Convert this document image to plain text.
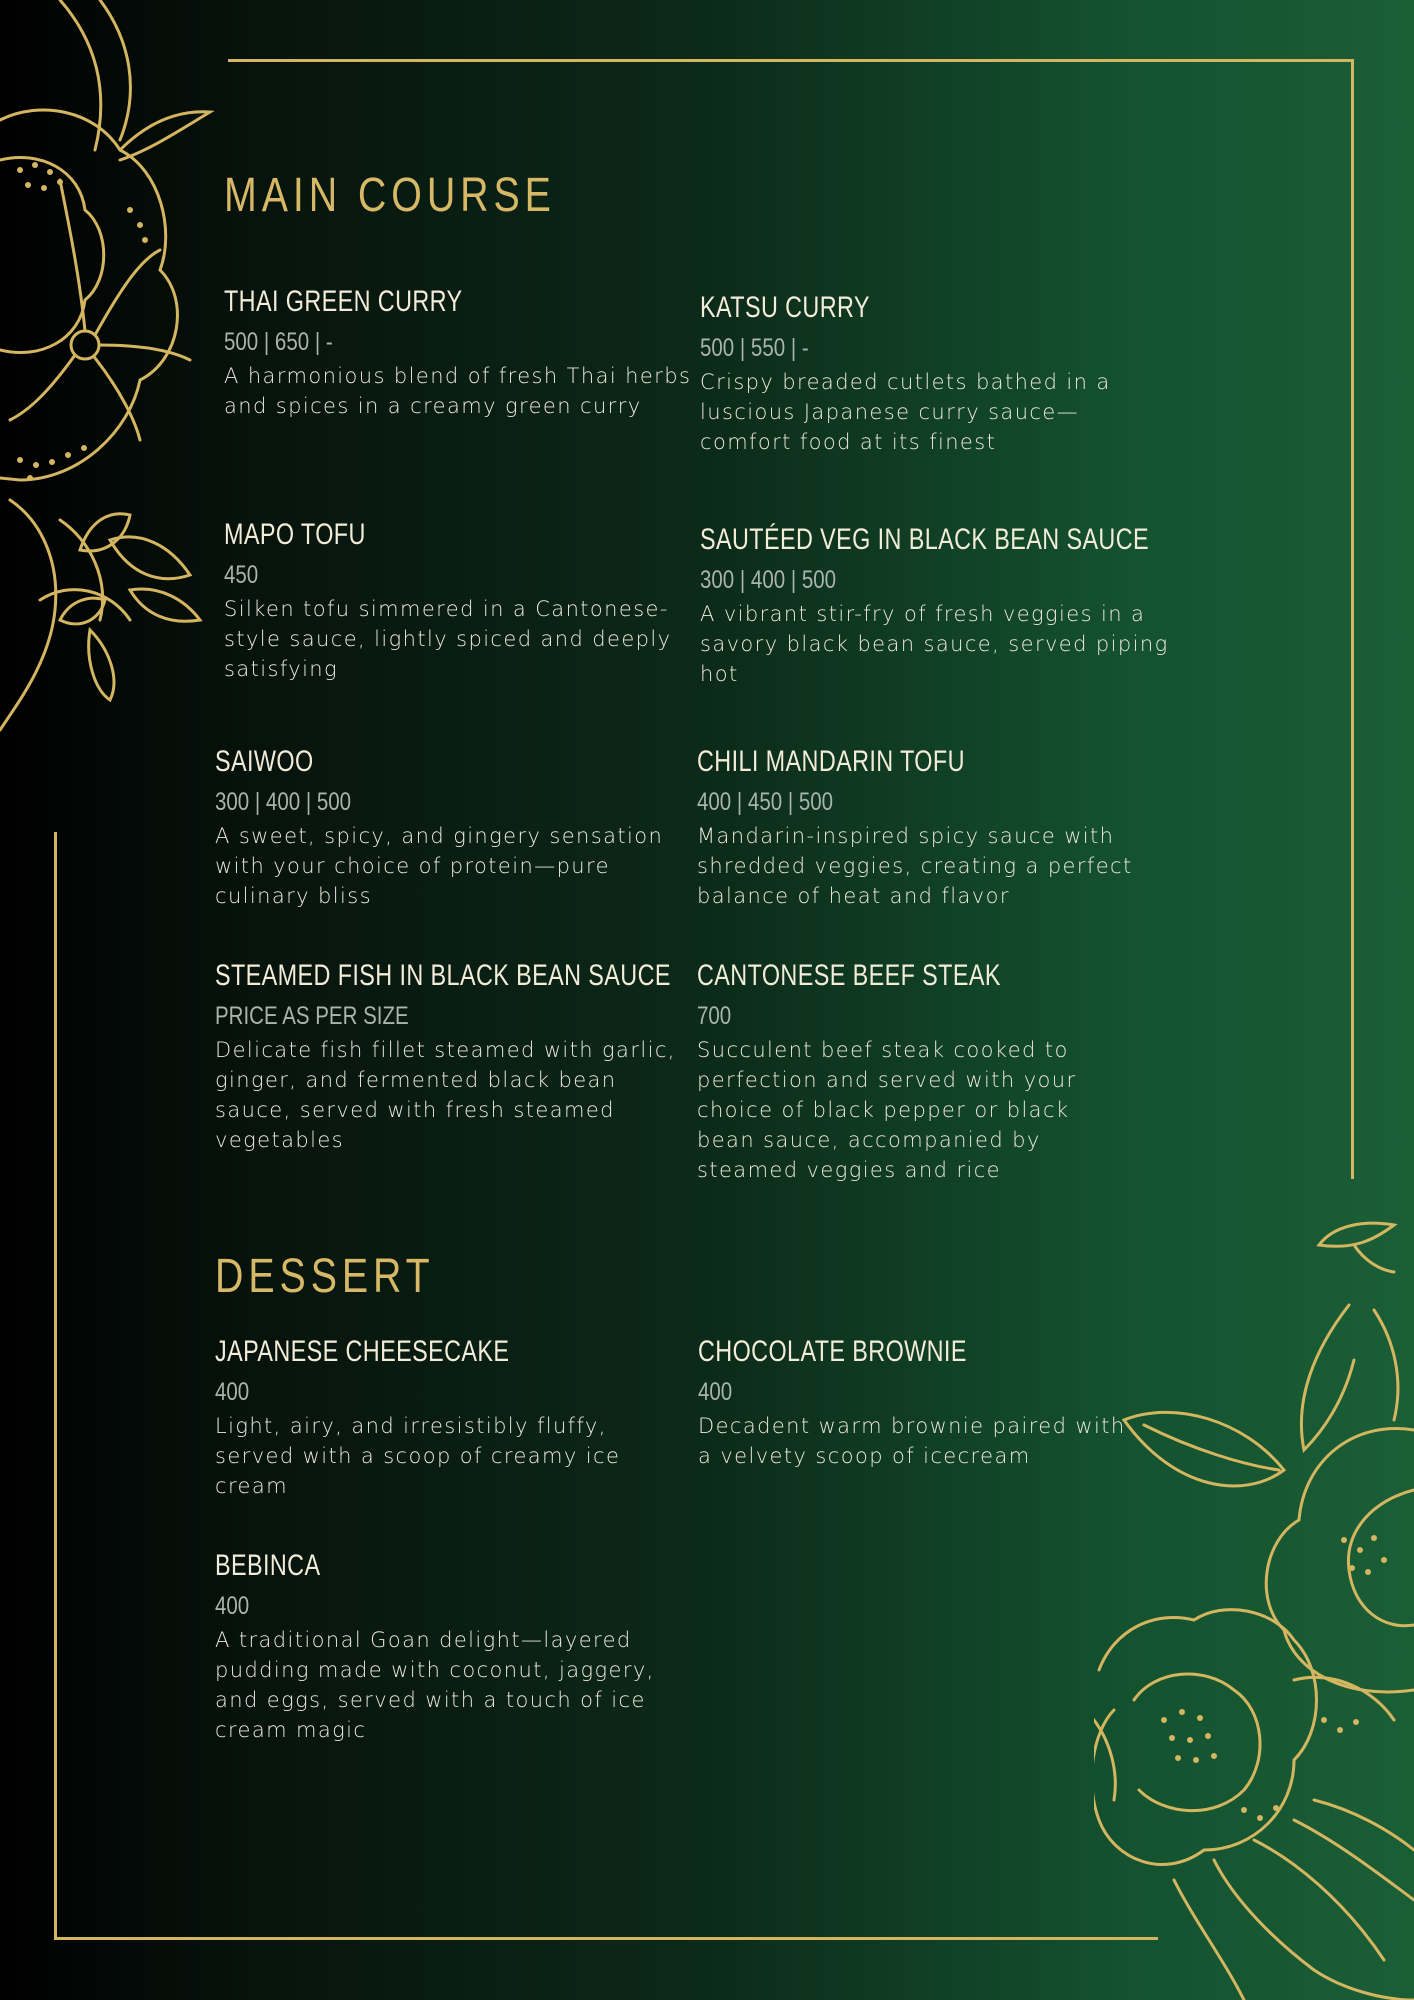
MAIN COURSE
THAI GREEN CURRY
500 | 650 | -
A harmonious blend of fresh Thai herbs and spices in a creamy green curry
KATSU CURRY
500 | 550 | -
Crispy breaded cutlets bathed in a luscious Japanese curry sauce—comfort food at its finest
MAPO TOFU
450
Silken tofu simmered in a Cantonese-style sauce, lightly spiced and deeply satisfying
SAUTÉED VEG IN BLACK BEAN SAUCE
300 | 400 | 500
A vibrant stir-fry of fresh veggies in a savory black bean sauce, served piping hot
SAIWOO
300 | 400 | 500
A sweet, spicy, and gingery sensation with your choice of protein—pure culinary bliss
CHILI MANDARIN TOFU
400 | 450 | 500
Mandarin-inspired spicy sauce with shredded veggies, creating a perfect balance of heat and flavor
STEAMED FISH IN BLACK BEAN SAUCE
PRICE AS PER SIZE
Delicate fish fillet steamed with garlic, ginger, and fermented black bean sauce, served with fresh steamed vegetables
CANTONESE BEEF STEAK
700
Succulent beef steak cooked to perfection and served with your choice of black pepper or black bean sauce, accompanied by steamed veggies and rice
DESSERT
JAPANESE CHEESECAKE
400
Light, airy, and irresistibly fluffy, served with a scoop of creamy ice cream
CHOCOLATE BROWNIE
400
Decadent warm brownie paired with a velvety scoop of icecream
BEBINCA
400
A traditional Goan delight—layered pudding made with coconut, jaggery, and eggs, served with a touch of ice cream magic
